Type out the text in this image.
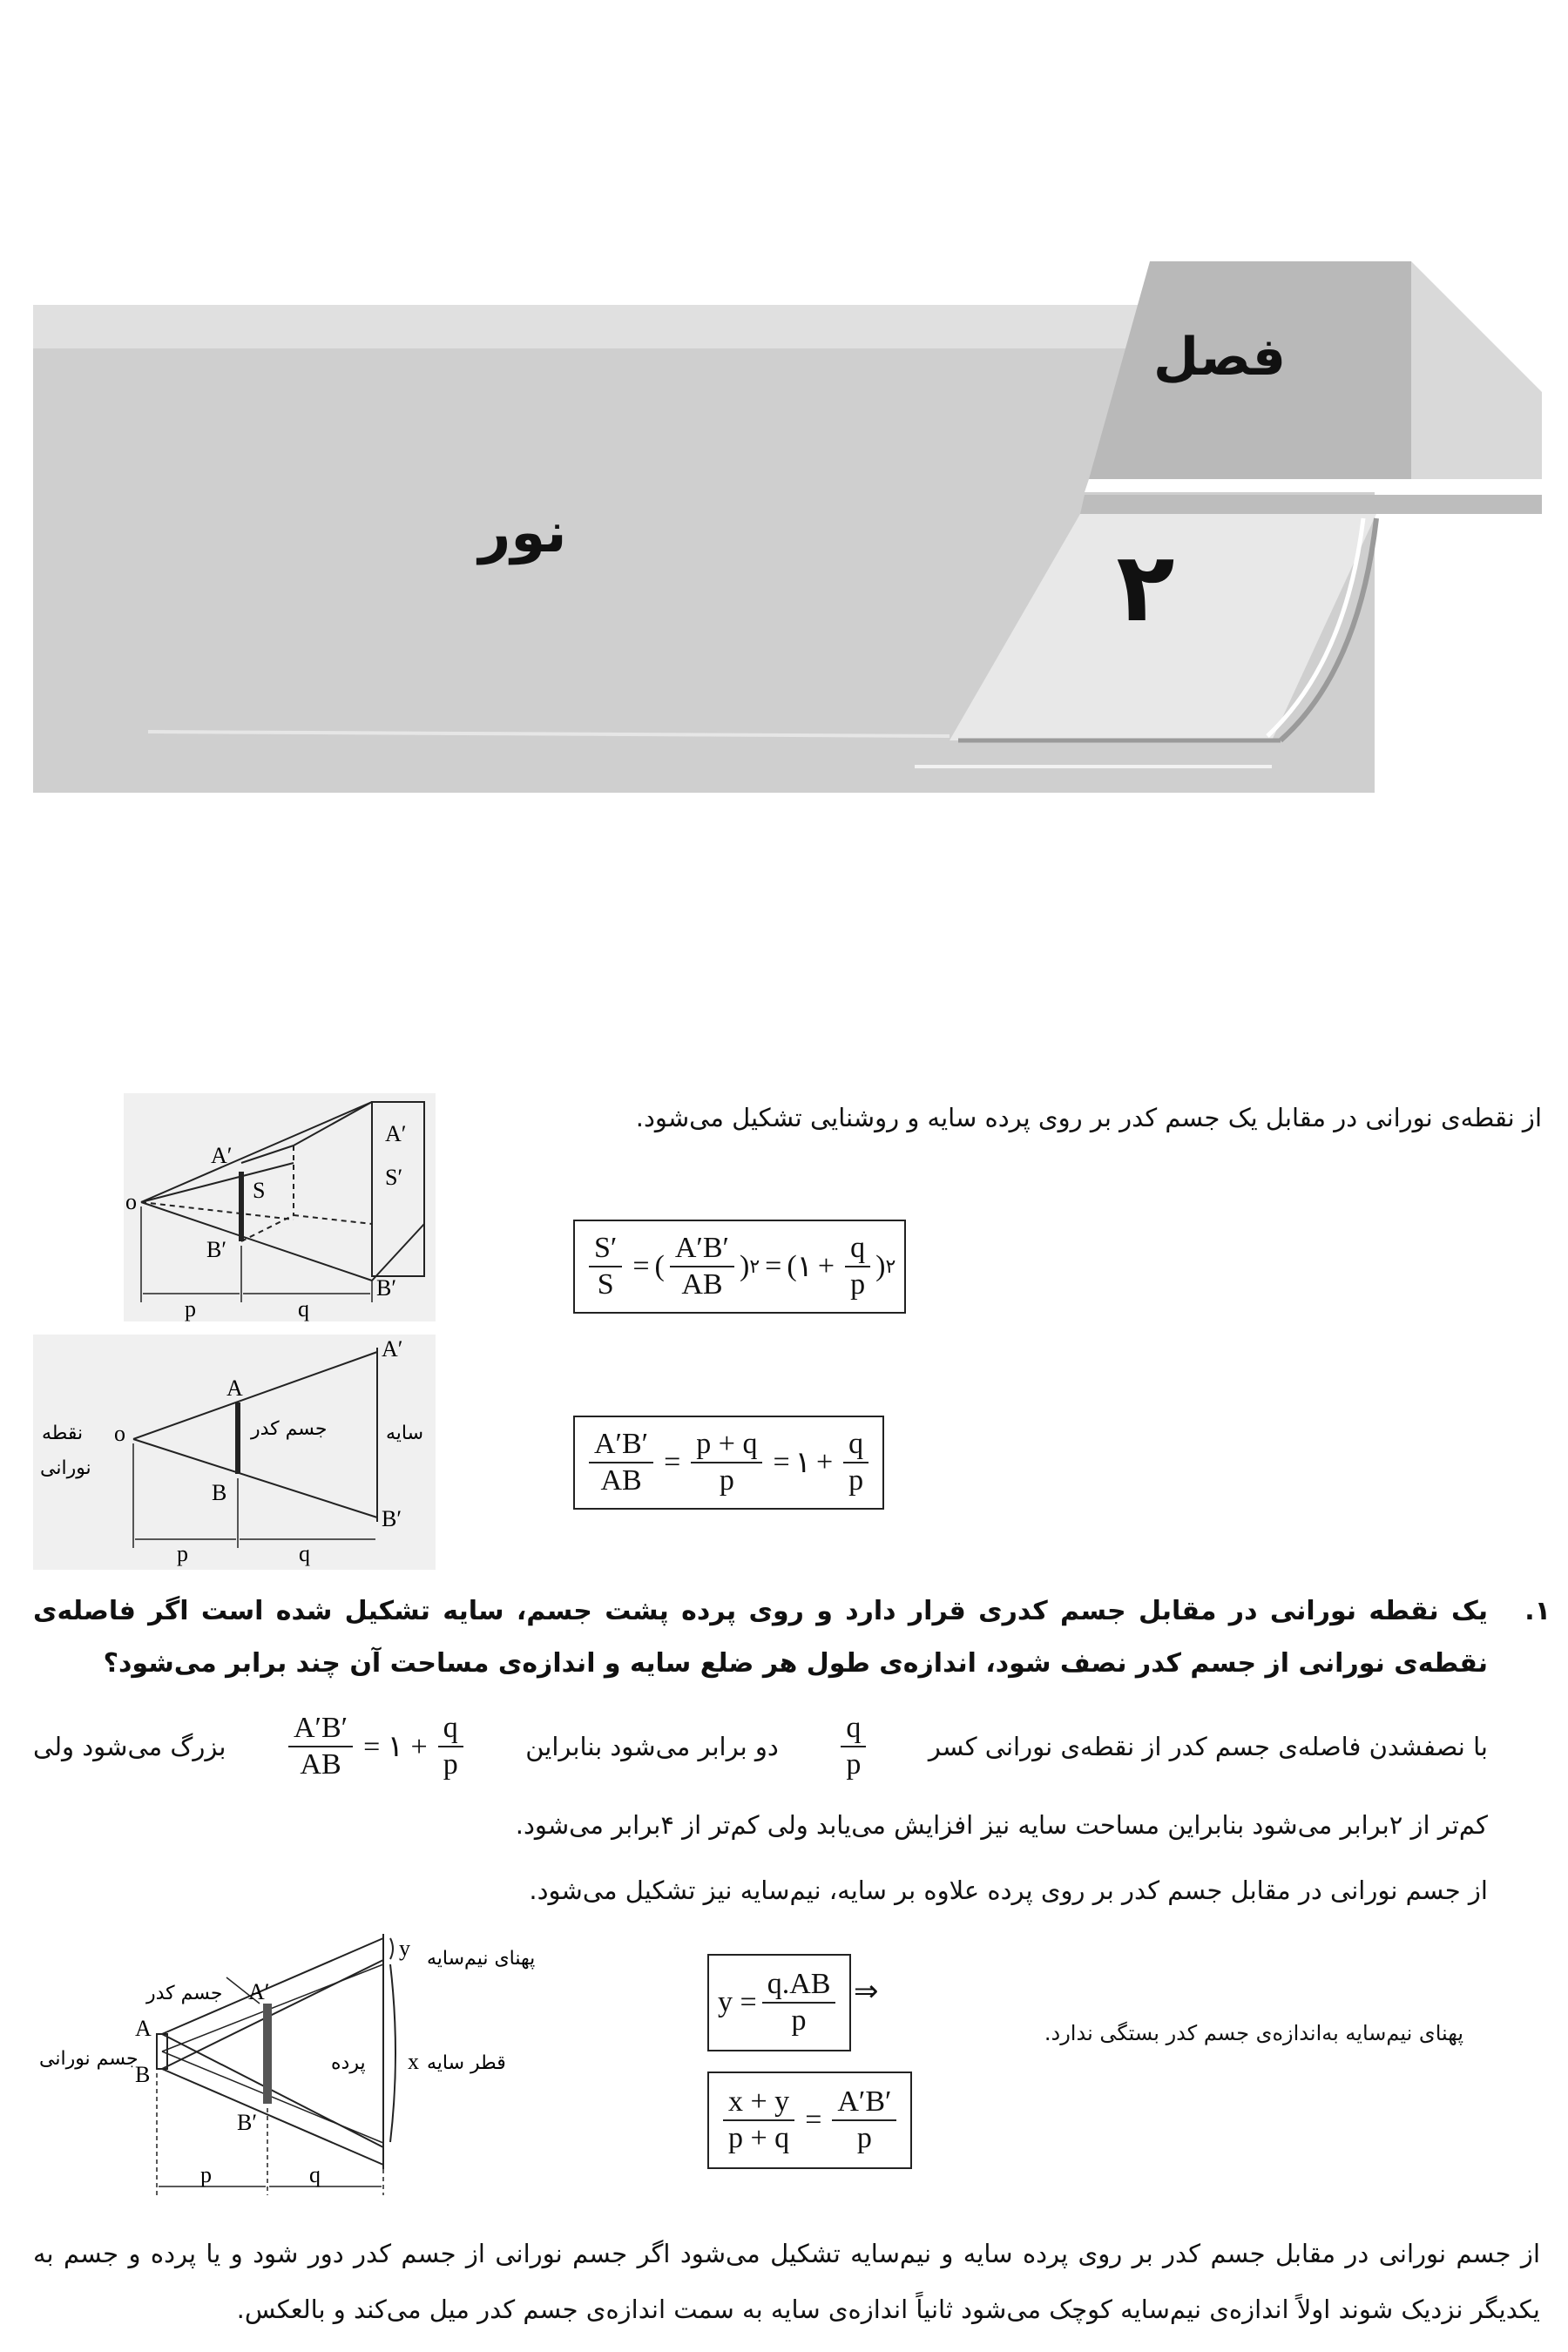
فصل
۲
نور
از نقطه‌ی نورانی در مقابل یک جسم کدر بر روی پرده سایه و روشنایی تشکیل می‌شود.
$\frac{S'}{S}$ = ( $\frac{A'B'}{AB}$ ) ۲ = ( ۱ + $\frac{q}{p}$ ) ۲
$\frac{A'B'}{AB} = \frac{p + q}{p}$ = ۱ + $\frac{q}{p}$
A′
A′
S
S′
o
B′
B′
p	q
A′
A
o
نقطه
نورانی
جسم کدر	سایه
B
B′
p	q
۱.
یک نقطه نورانی در مقابل جسم کدری قرار دارد و روی پرده پشت جسم، سایه تشکیل شده است اگر فاصله‌ی نقطه‌ی نورانی از جسم کدر نصف شود، اندازه‌ی طول هر ضلع سایه و اندازه‌ی مساحت آن چند برابر می‌شود؟
با نصفشدن فاصله‌ی جسم کدر از نقطه‌ی نورانی کسر
$\frac{q}{p}$
دو برابر می‌شود بنابراین
$\frac{A'B'}{AB}$ = ۱ + $\frac{q}{p}$
بزرگ می‌شود ولی
کم‌تر از ۲برابر می‌شود بنابراین مساحت سایه نیز افزایش می‌یابد ولی کم‌تر از ۴برابر می‌شود.
از جسم نورانی در مقابل جسم کدر بر روی پرده علاوه بر سایه، نیم‌سایه نیز تشکیل می‌شود.
پهنای نیم‌سایه
y
جسم کدر A′
A
جسم نورانی
B	پرده x قطر سایه
B′
p	q
$y = \frac{q.AB}{p}$ ⇒
$\frac{x + y}{p + q} = \frac{A'B'}{p}$
پهنای نیم‌سایه به‌اندازه‌ی جسم کدر بستگی ندارد.
از جسم نورانی در مقابل جسم کدر بر روی پرده سایه و نیم‌سایه تشکیل می‌شود اگر جسم نورانی از جسم کدر دور شود و یا پرده و جسم به یکدیگر نزدیک شوند اولاً اندازه‌ی نیم‌سایه کوچک می‌شود ثانیاً اندازه‌ی سایه به سمت اندازه‌ی جسم کدر میل می‌کند و بالعکس.
